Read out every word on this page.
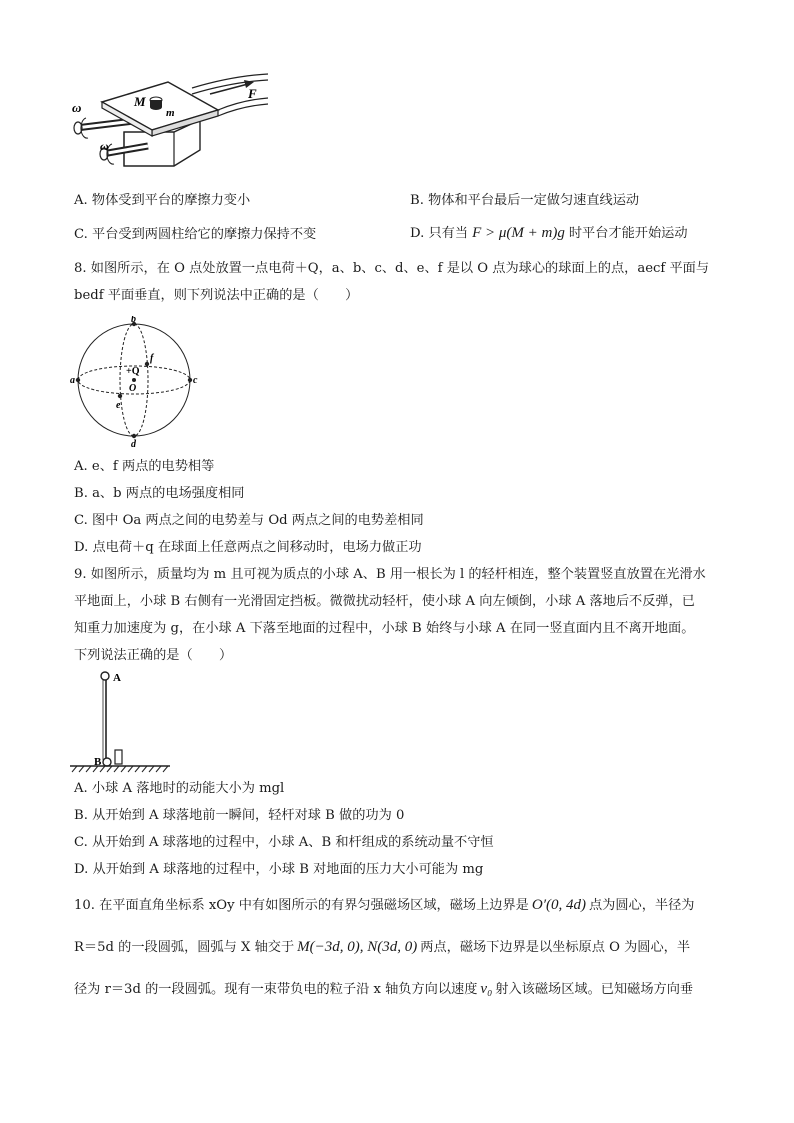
ω
ω
M
m
F
A. 物体受到平台的摩擦力变小	B. 物体和平台最后一定做匀速直线运动
C. 平台受到两圆柱给它的摩擦力保持不变	D. 只有当 F > μ(M + m)g 时平台才能开始运动
8. 如图所示，在 O 点处放置一点电荷＋Q，a、b、c、d、e、f 是以 O 点为球心的球面上的点，aecf 平面与
bedf 平面垂直，则下列说法中正确的是（　　）
b
d
a	c
e
f
+Q
O
A. e、f 两点的电势相等
B. a、b 两点的电场强度相同
C. 图中 Oa 两点之间的电势差与 Od 两点之间的电势差相同
D. 点电荷＋q 在球面上任意两点之间移动时，电场力做正功
9. 如图所示，质量均为 m 且可视为质点的小球 A、B 用一根长为 l 的轻杆相连，整个装置竖直放置在光滑水
平地面上，小球 B 右侧有一光滑固定挡板。微微扰动轻杆，使小球 A 向左倾倒，小球 A 落地后不反弹，已
知重力加速度为 g，在小球 A 下落至地面的过程中，小球 B 始终与小球 A 在同一竖直面内且不离开地面。
下列说法正确的是（　　）
A
B
A. 小球 A 落地时的动能大小为 mgl
B. 从开始到 A 球落地前一瞬间，轻杆对球 B 做的功为 0
C. 从开始到 A 球落地的过程中，小球 A、B 和杆组成的系统动量不守恒
D. 从开始到 A 球落地的过程中，小球 B 对地面的压力大小可能为 mg
10. 在平面直角坐标系 xOy 中有如图所示的有界匀强磁场区域，磁场上边界是 O′(0, 4d) 点为圆心，半径为
R＝5d 的一段圆弧，圆弧与 X 轴交于 M(−3d, 0), N(3d, 0) 两点，磁场下边界是以坐标原点 O 为圆心，半
径为 r＝3d 的一段圆弧。现有一束带负电的粒子沿 x 轴负方向以速度 v₀ 射入该磁场区域。已知磁场方向垂
